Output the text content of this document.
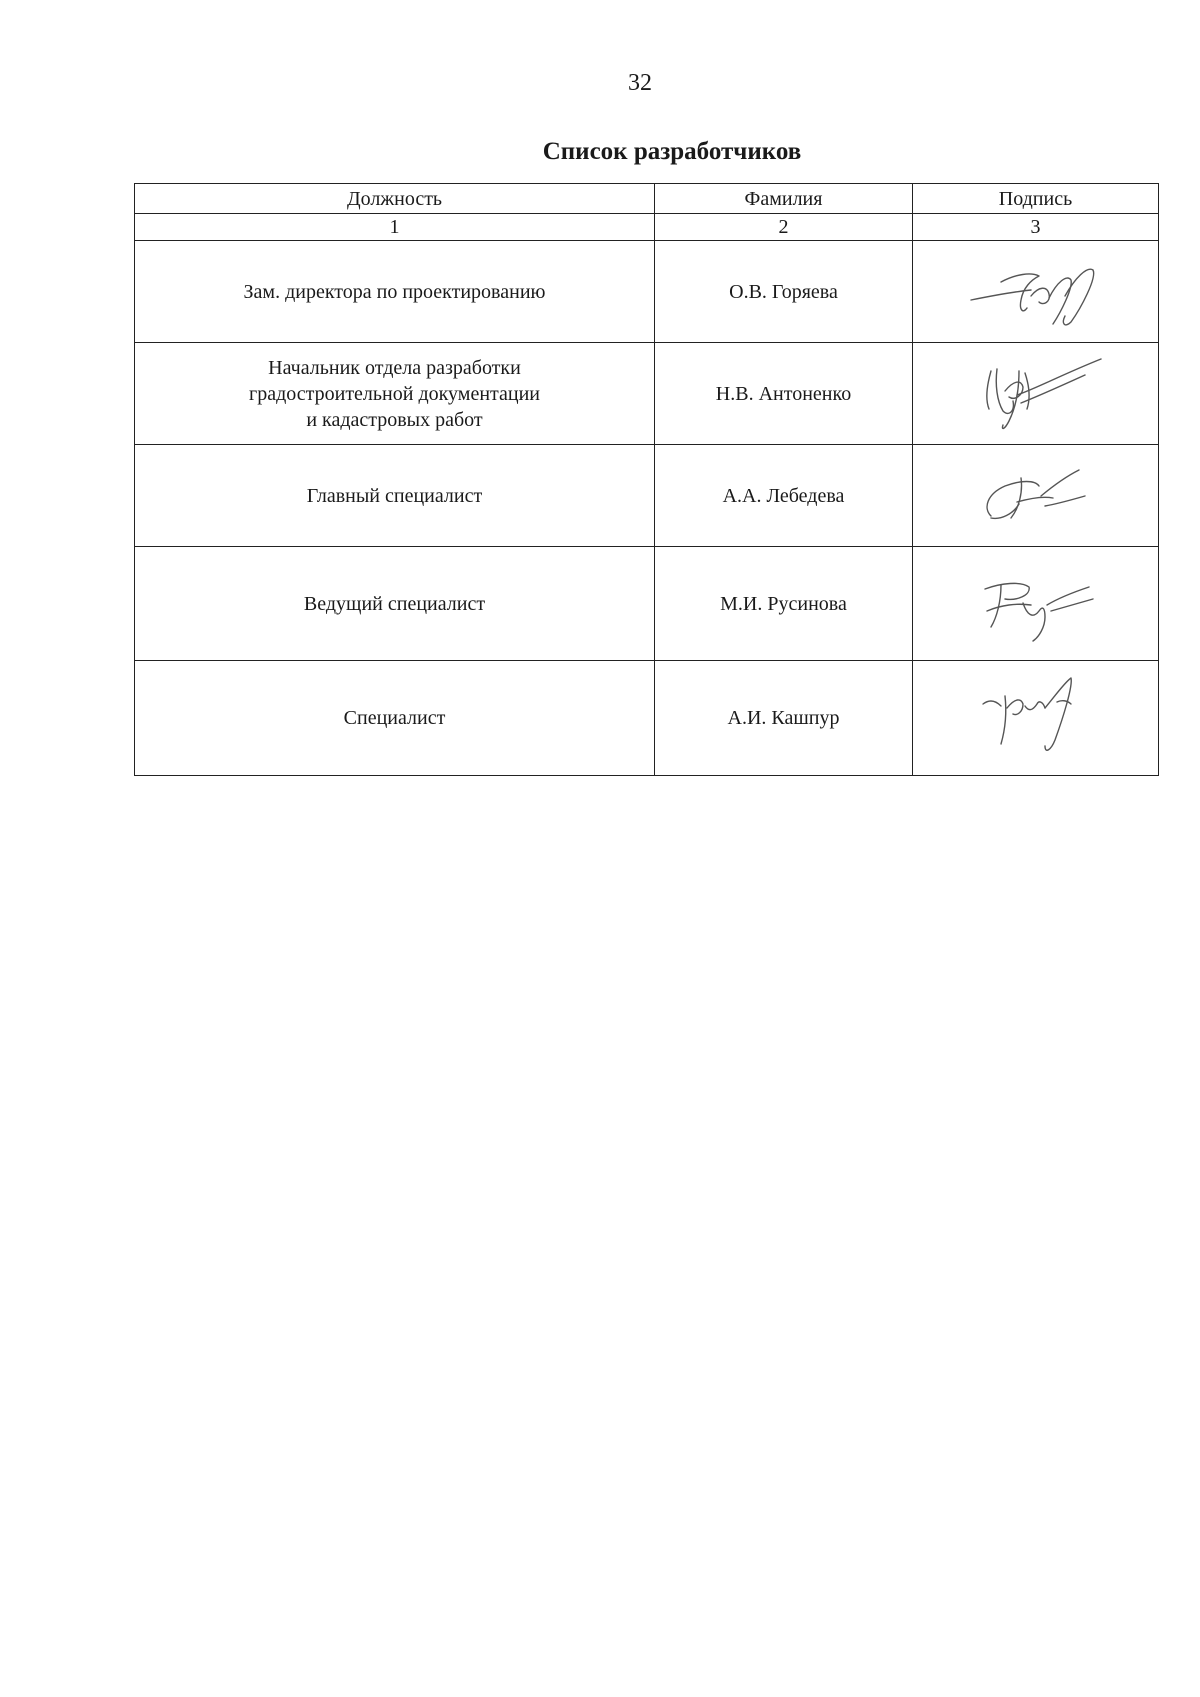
32
Список разработчиков
Должность	Фамилия	Подпись
1	2	3
Зам. директора по проектированию	О.В. Горяева	

Начальник отдела разработки
градостроительной документации
и кадастровых работ	Н.В. Антоненко	

Главный специалист	А.А. Лебедева	

Ведущий специалист	М.И. Русинова	

Специалист	А.И. Кашпур	
